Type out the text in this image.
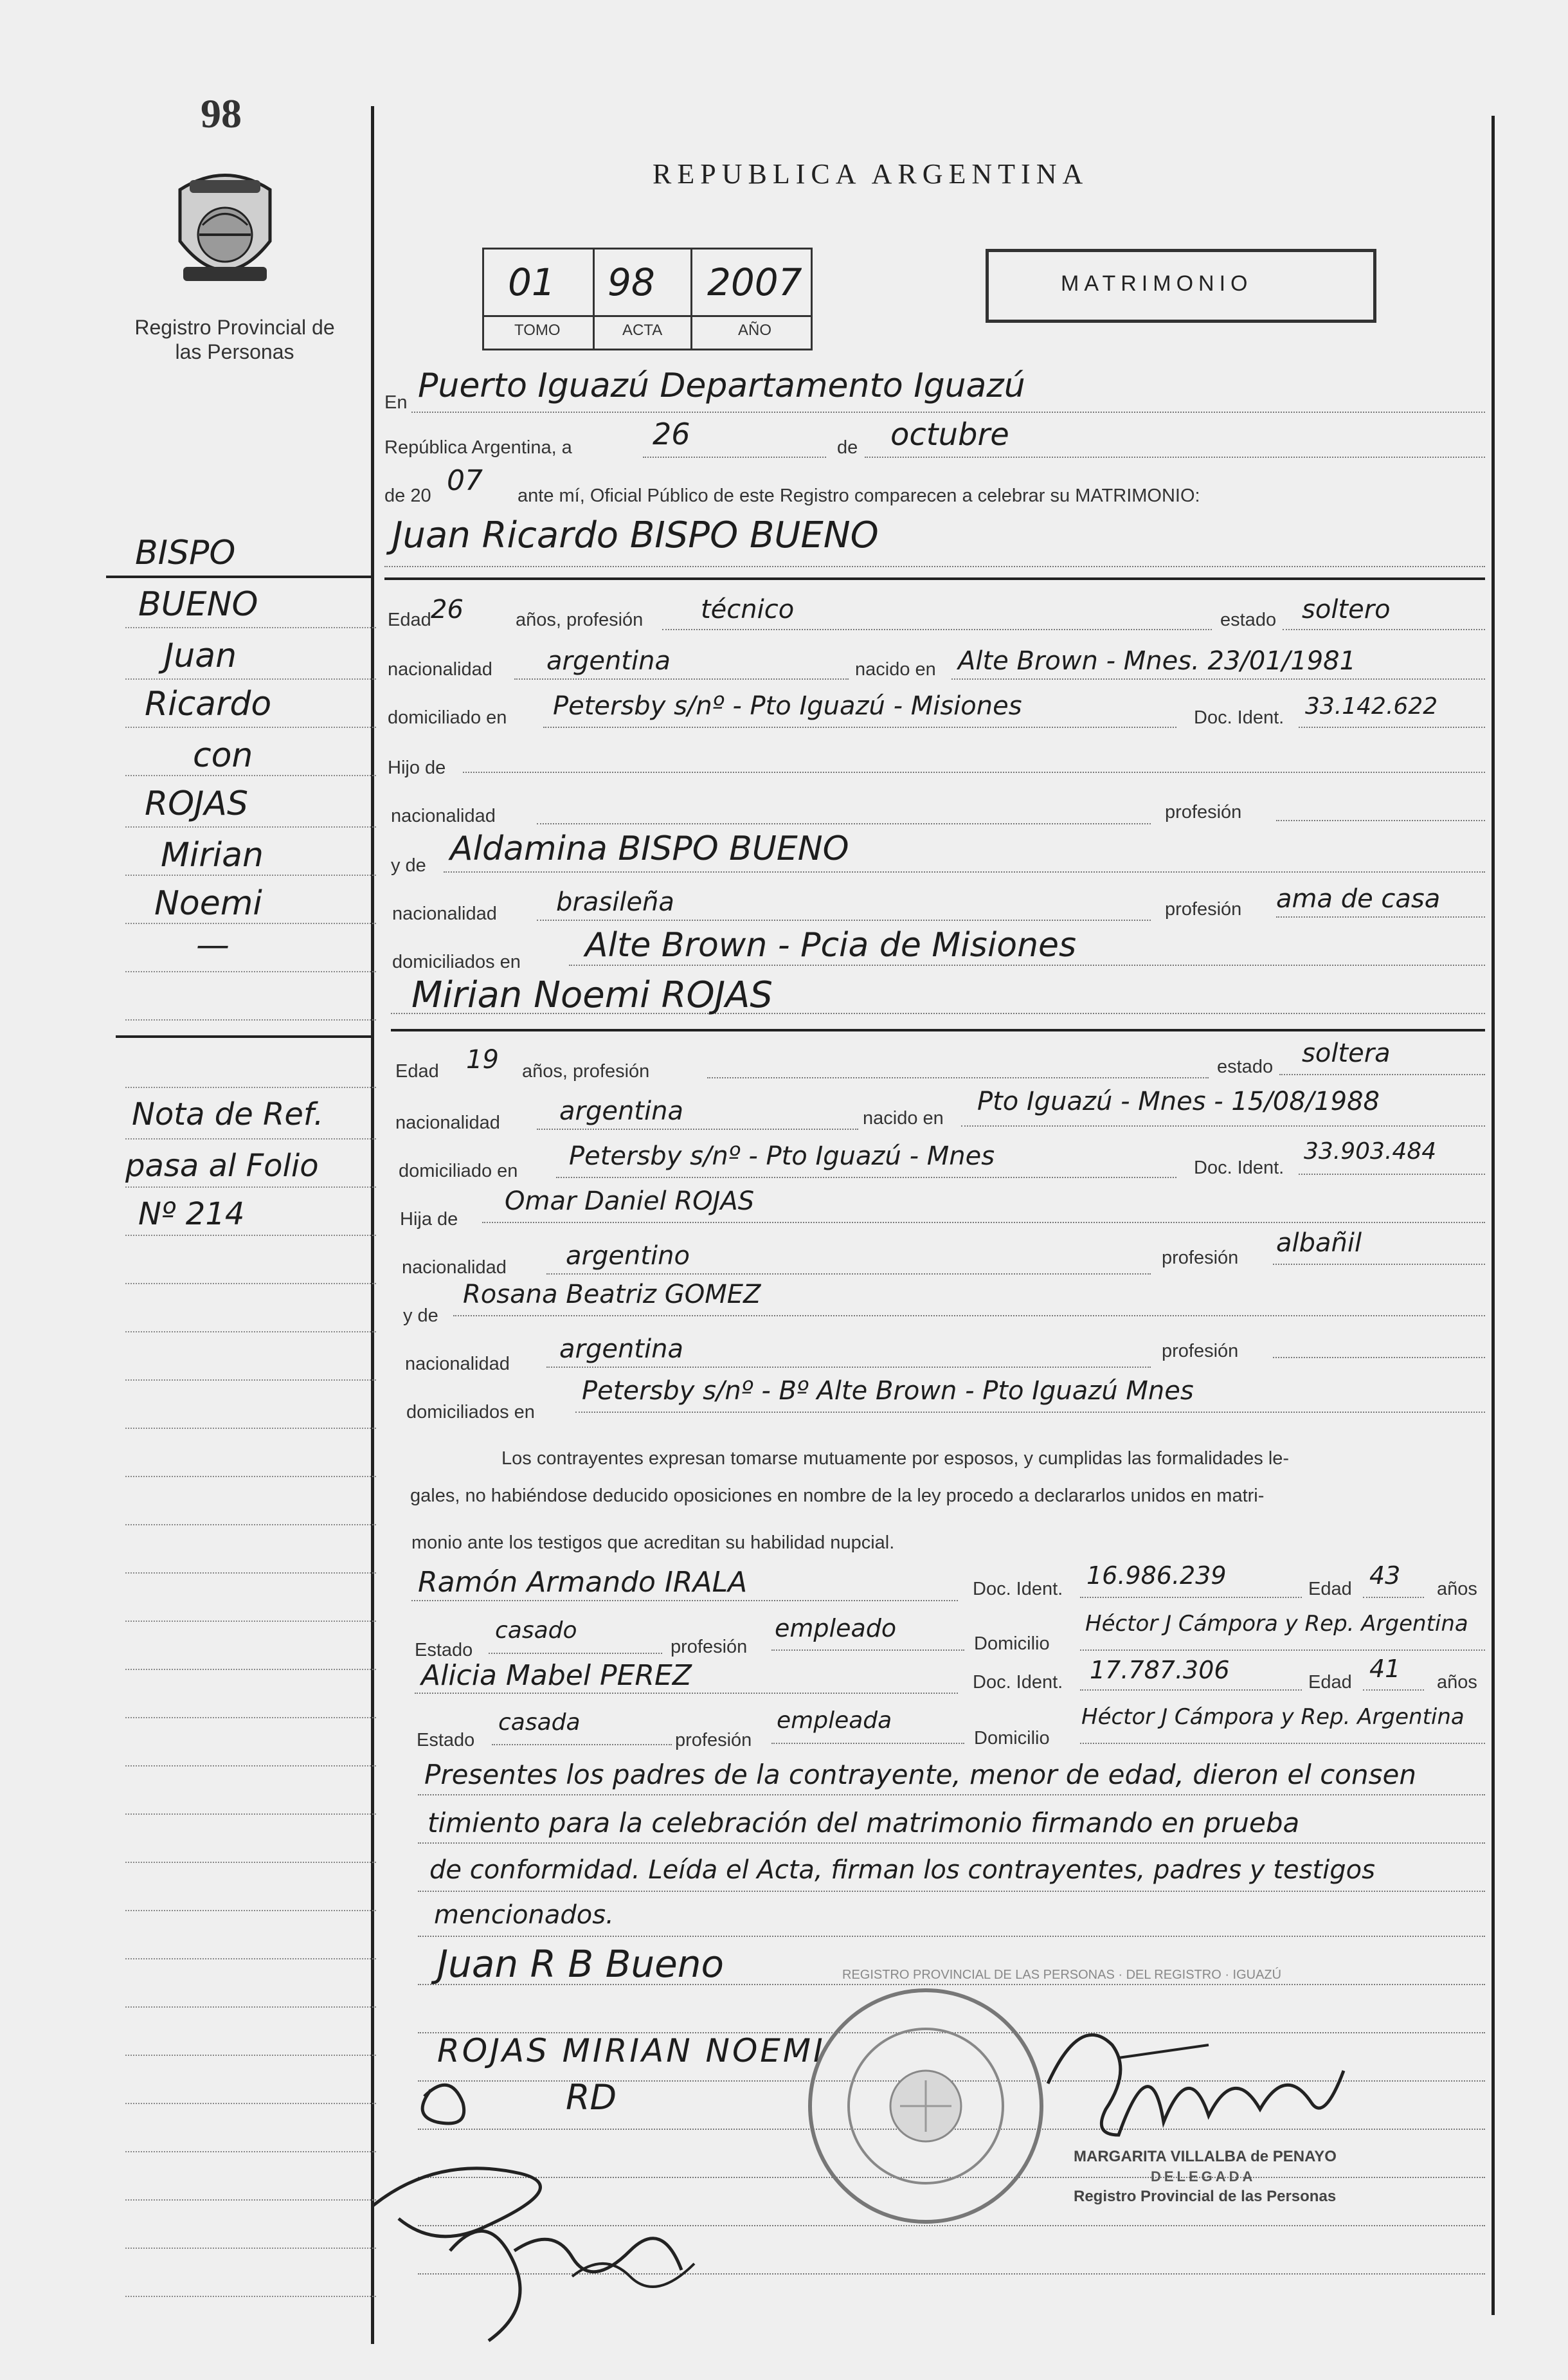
98
Registro Provincial de las Personas
BISPO
BUENO
Juan
Ricardo
con
ROJAS
Mirian
Noemi
—
Nota de Ref.
pasa al Folio
Nº 214
REPUBLICA ARGENTINA
01 98 2007
TOMO	ACTA	AÑO
MATRIMONIO
En Puerto Iguazú Departamento Iguazú
República Argentina, a	26	de octubre
de 20 07 ante mí, Oficial Público de este Registro comparecen a celebrar su MATRIMONIO:
Juan Ricardo BISPO BUENO
Edad 26	años, profesión técnico	estado soltero
nacionalidad argentina	nacido en Alte Brown - Mnes. 23/01/1981
domiciliado en Petersby s/nº - Pto Iguazú - Misiones	Doc. Ident. 33.142.622
Hijo de
nacionalidad	profesión
y de Aldamina BISPO BUENO
nacionalidad brasileña	profesión ama de casa
domiciliados en Alte Brown - Pcia de Misiones
Mirian Noemi ROJAS
Edad 19 años, profesión	estado soltera
nacionalidad argentina	nacido en
Pto Iguazú - Mnes - 15/08/1988
domiciliado en Petersby s/nº - Pto Iguazú - Mnes	Doc. Ident.
33.903.484
Hija de
Omar Daniel ROJAS
nacionalidad argentino	profesión albañil
y de
Rosana Beatriz GOMEZ
nacionalidad argentina	profesión
domiciliados en
Petersby s/nº - Bº Alte Brown - Pto Iguazú Mnes
Los contrayentes expresan tomarse mutuamente por esposos, y cumplidas las formalidades le-
gales, no habiéndose deducido oposiciones en nombre de la ley procedo a declararlos unidos en matri-
monio ante los testigos que acreditan su habilidad nupcial.
Ramón Armando IRALA	Doc. Ident. 16.986.239	Edad 43 años
Estado
casado
profesión
empleado
Domicilio
Héctor J Cámpora y Rep. Argentina
Alicia Mabel PEREZ	Doc. Ident. 17.787.306	Edad 41 años
Estado
casada
profesión
empleada
Domicilio
Héctor J Cámpora y Rep. Argentina
Presentes los padres de la contrayente, menor de edad, dieron el consen
timiento para la celebración del matrimonio firmando en prueba
de conformidad. Leída el Acta, firman los contrayentes, padres y testigos
mencionados.
Juan R B Bueno
ROJAS MIRIAN NOEMI
RD
REGISTRO PROVINCIAL DE LAS PERSONAS · DEL REGISTRO · IGUAZÚ
MARGARITA VILLALBA de PENAYO
DELEGADA
Registro Provincial de las Personas
